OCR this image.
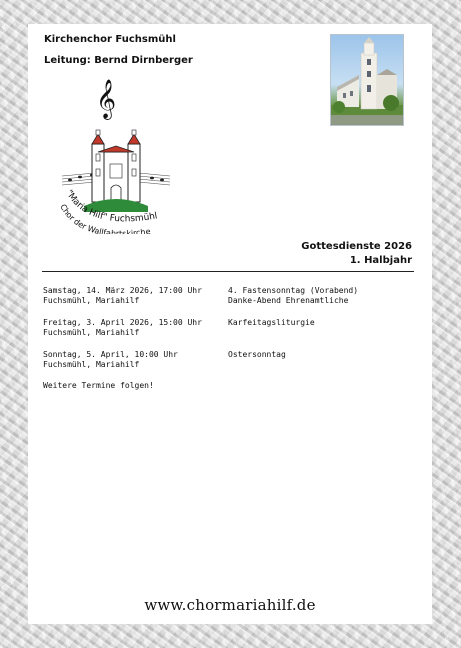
Kirchenchor Fuchsmühl
Leitung: Bernd Dirnberger
𝄞
"Maria Hilf" Fuchsmühl
Chor der Wallfahrtskirche
Gottesdienste 2026
1. Halbjahr
Samstag, 14. März 2026, 17:00 Uhr
Fuchsmühl, Mariahilf
4. Fastensonntag (Vorabend)
Danke-Abend Ehrenamtliche
Freitag, 3. April 2026, 15:00 Uhr
Fuchsmühl, Mariahilf
Karfeitagsliturgie
Sonntag, 5. April, 10:00 Uhr
Fuchsmühl, Mariahilf
Ostersonntag
Weitere Termine folgen!
www.chormariahilf.de
